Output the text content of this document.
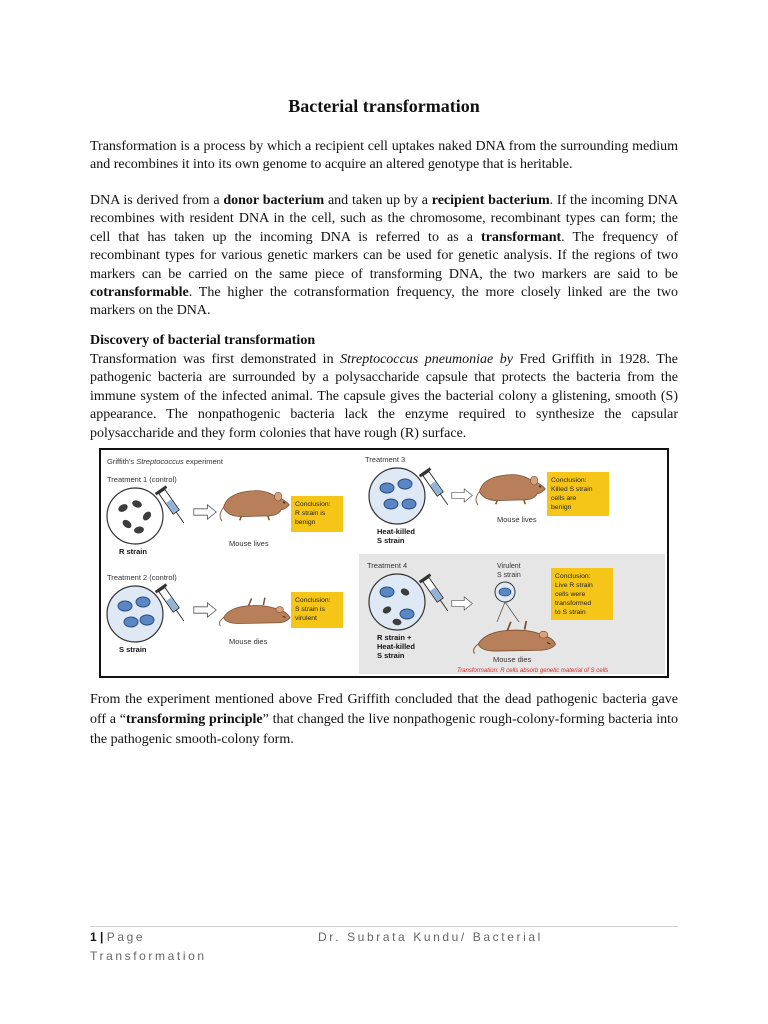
Bacterial transformation
Transformation is a process by which a recipient cell uptakes naked DNA from the surrounding medium and recombines it into its own genome to acquire an altered genotype that is heritable.
DNA is derived from a donor bacterium and taken up by a recipient bacterium. If the incoming DNA recombines with resident DNA in the cell, such as the chromosome, recombinant types can form; the cell that has taken up the incoming DNA is referred to as a transformant. The frequency of recombinant types for various genetic markers can be used for genetic analysis. If the regions of two markers can be carried on the same piece of transforming DNA, the two markers are said to be cotransformable. The higher the cotransformation frequency, the more closely linked are the two markers on the DNA.
Discovery of bacterial transformation
Transformation was first demonstrated in Streptococcus pneumoniae by Fred Griffith in 1928. The pathogenic bacteria are surrounded by a polysaccharide capsule that protects the bacteria from the immune system of the infected animal. The capsule gives the bacterial colony a glistening, smooth (S) appearance. The nonpathogenic bacteria lack the enzyme required to synthesize the capsular polysaccharide and they form colonies that have rough (R) surface.
Griffith's Streptococcus experiment
Treatment 1 (control)
R strain
Mouse lives
Conclusion: R strain is benign
Treatment 2 (control)
S strain
Mouse dies
Conclusion: S strain is virulent
Treatment 3
Heat-killed S strain
Mouse lives
Conclusion: Killed S strain cells are benign
Treatment 4
R strain + Heat-killed S strain	Mouse dies
Virulent S strain	Conclusion: Live R strain cells were transformed to S strain
Transformation: R cells absorb genetic material of S cells
From the experiment mentioned above Fred Griffith concluded that the dead pathogenic bacteria gave off a “transforming principle” that changed the live nonpathogenic rough-colony-forming bacteria into the pathogenic smooth-colony form.
1 | Page	Dr. Subrata Kundu/ Bacterial

Transformation
